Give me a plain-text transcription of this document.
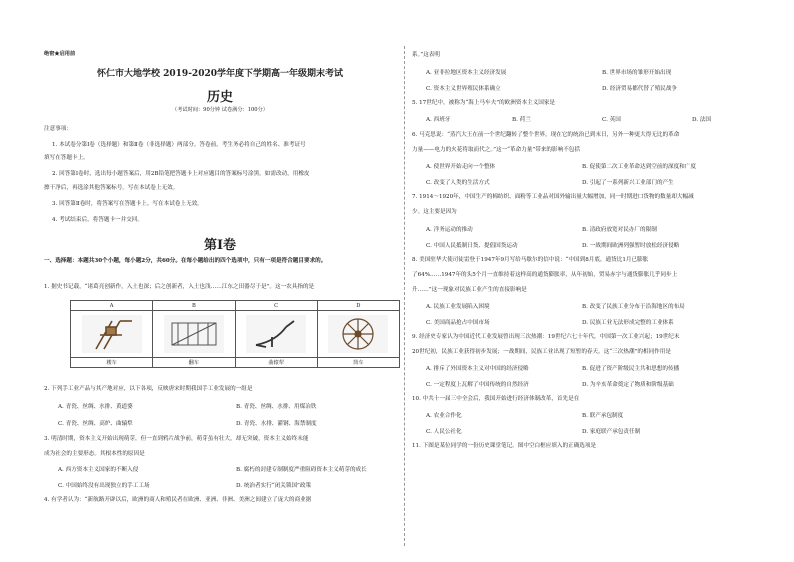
绝密★启用前
怀仁市大地学校 2019-2020学年度下学期高一年级期末考试
历史
（考试时间：90分钟 试卷满分：100分）
注意事项：
1. 本试卷分第Ⅰ卷（选择题）和第Ⅱ卷（非选择题）两部分。答卷前，考生务必将自己的姓名、准考证号
填写在答题卡上。
2. 回答第Ⅰ卷时，选出每小题答案后，用2B铅笔把答题卡上对应题目的答案标号涂黑。如需改动，用橡皮
擦干净后，再选涂其他答案标号。写在本试卷上无效。
3. 回答第Ⅱ卷时，将答案写在答题卡上。写在本试卷上无效。
4. 考试结束后，将答题卡一并交回。
第Ⅰ卷
一、选择题：本题共30个小题，每小题2分，共60分。在每小题给出的四个选项中，只有一项是符合题目要求的。
1. 据史书记载，“诸葛亮创新作，入土也深；后之创新者，入土也浅……江东之田器尽于是”。这一农具指的是
A	B	C	D

耧车	翻车	曲辕犁	筒车
2. 下列手工业产品与其产地对应，以下各项，反映唐宋时期我国手工业发展的一组是
A. 青瓷、丝绸、水排、黄道婆	B. 青瓷、丝绸、水排、用煤冶铁
C. 青瓷、丝绸、高炉、曲辕犁	D. 青瓷、水排、灌钢、海禁制度
3. 明清时期，资本主义开始出现萌芽，但一直到鸦片战争前，萌芽虽有壮大，却无突破，资本主义始终未能
成为社会的主要形态。其根本性的原因是
A. 西方资本主义国家的不断入侵	B. 腐朽的封建专制制度严重阻碍资本主义萌芽的成长
C. 中国始终没有出现独立的手工工场	D. 统治者实行“闭关锁国”政策
4. 有学者认为：“新航路开辟以后，欧洲的商人和殖民者在欧洲、亚洲、非洲、美洲之间建立了庞大的商业据
系。”这表明
A. 亚非拉地区资本主义经济发展	B. 世界市场的雏形开始出现
C. 资本主义世界殖民体系确立	D. 经济贸易都代替了殖民战争
5. 17世纪中，被称为“海上马车夫”的欧洲资本主义国家是
A. 西班牙	B. 荷兰	C. 英国	D. 法国
6. 马克思说：“蒸汽大王在前一个世纪翻转了整个世界，现在它的统治已到末日，另外一种更大得无比的革命
力量——电力的火花将取而代之。”这一“革命力量”带来的影响不包括
A. 使世界开始走向一个整体	B. 促使第二次工业革命达到空前的深度和广度
C. 改变了人类的生活方式	D. 引起了一系列新兴工业部门的产生
7. 1914～1920年，中国生产的棉纺织、面粉等工业品对国外输出量大幅增加，同一时期进口货物的数量却大幅减
少。这主要是因为
A. 洋务运动的推动	B. 清政府放宽对民办厂的限制
C. 中国人民抵制日货、提倡国货运动	D. 一战期间欧洲列强暂时放松经济侵略
8. 美国驻华大使司徒雷登于1947年9月写给马歇尔的信中说：“中国到8月底，通货比1月已膨胀
了64%……1947年的头5个月一直维持着这样高的通货膨胀率，从年初始，贸易赤字与通货膨胀几乎同步上
升……”这一现象对民族工业产生的直接影响是
A. 民族工业发展陷入困境	B. 改变了民族工业分布于沿海地区的布局
C. 美国商品抢占中国市场	D. 民族工业无法形成完整的工业体系
9. 经济史专家认为中国近代工业发展曾出现三次热潮：19世纪六七十年代，中国第一次工业兴起；19世纪末
20世纪初，民族工业获得初步发展；一战期间，民族工业出现了短暂的春天。这“三次热潮”的相同作用是
A. 排斥了外国资本主义对中国的经济侵略	B. 促进了资产阶级民主共和思想的传播
C. 一定程度上瓦解了中国传统的自然经济	D. 为辛亥革命奠定了物质和阶级基础
10. 中共十一届三中全会后，我国开始进行经济体制改革，首先是在
A. 农业合作化	B. 联产承包制度
C. 人民公社化	D. 家庭联产承包责任制
11. 下图是某位同学的一份历史课堂笔记。图中空白框应填入的正确选项是
